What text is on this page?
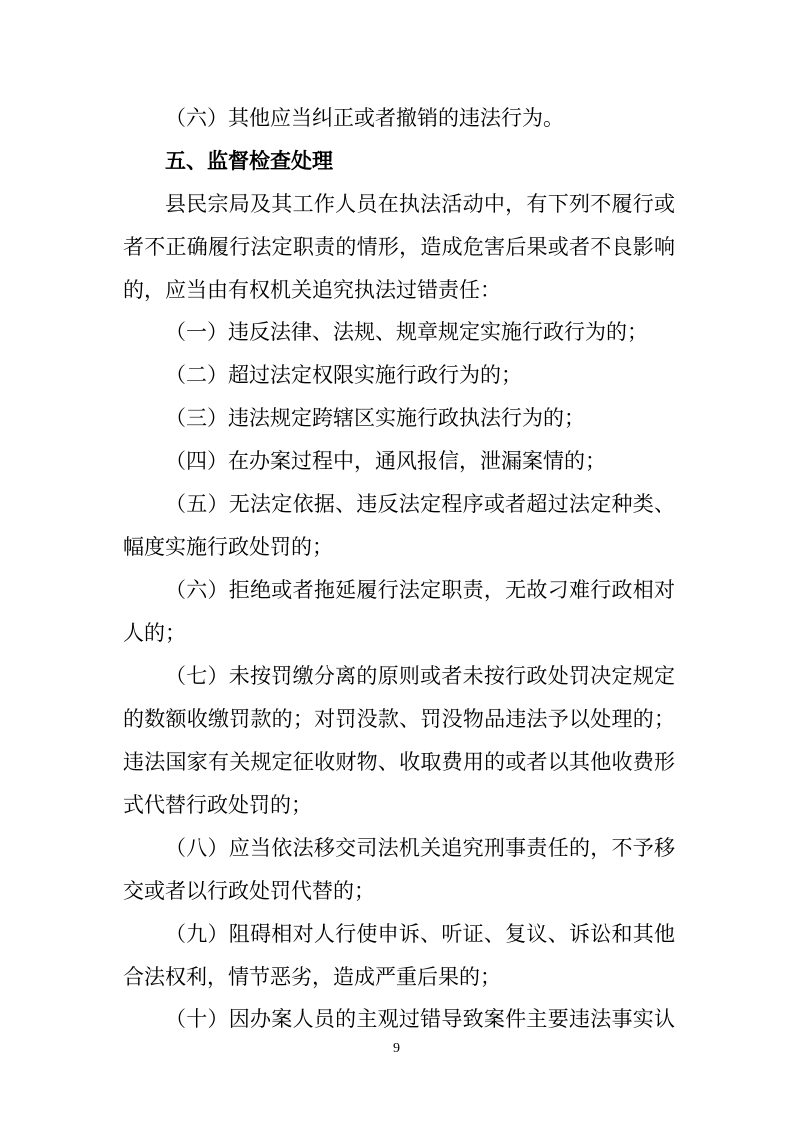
（六）其他应当纠正或者撤销的违法行为。
五、监督检查处理
县民宗局及其工作人员在执法活动中，有下列不履行或
者不正确履行法定职责的情形，造成危害后果或者不良影响
的，应当由有权机关追究执法过错责任：
（一）违反法律、法规、规章规定实施行政行为的；
（二）超过法定权限实施行政行为的；
（三）违法规定跨辖区实施行政执法行为的；
（四）在办案过程中，通风报信，泄漏案情的；
（五）无法定依据、违反法定程序或者超过法定种类、
幅度实施行政处罚的；
（六）拒绝或者拖延履行法定职责，无故刁难行政相对
人的；
（七）未按罚缴分离的原则或者未按行政处罚决定规定
的数额收缴罚款的；对罚没款、罚没物品违法予以处理的；
违法国家有关规定征收财物、收取费用的或者以其他收费形
式代替行政处罚的；
（八）应当依法移交司法机关追究刑事责任的，不予移
交或者以行政处罚代替的；
（九）阻碍相对人行使申诉、听证、复议、诉讼和其他
合法权利，情节恶劣，造成严重后果的；
（十）因办案人员的主观过错导致案件主要违法事实认
9
